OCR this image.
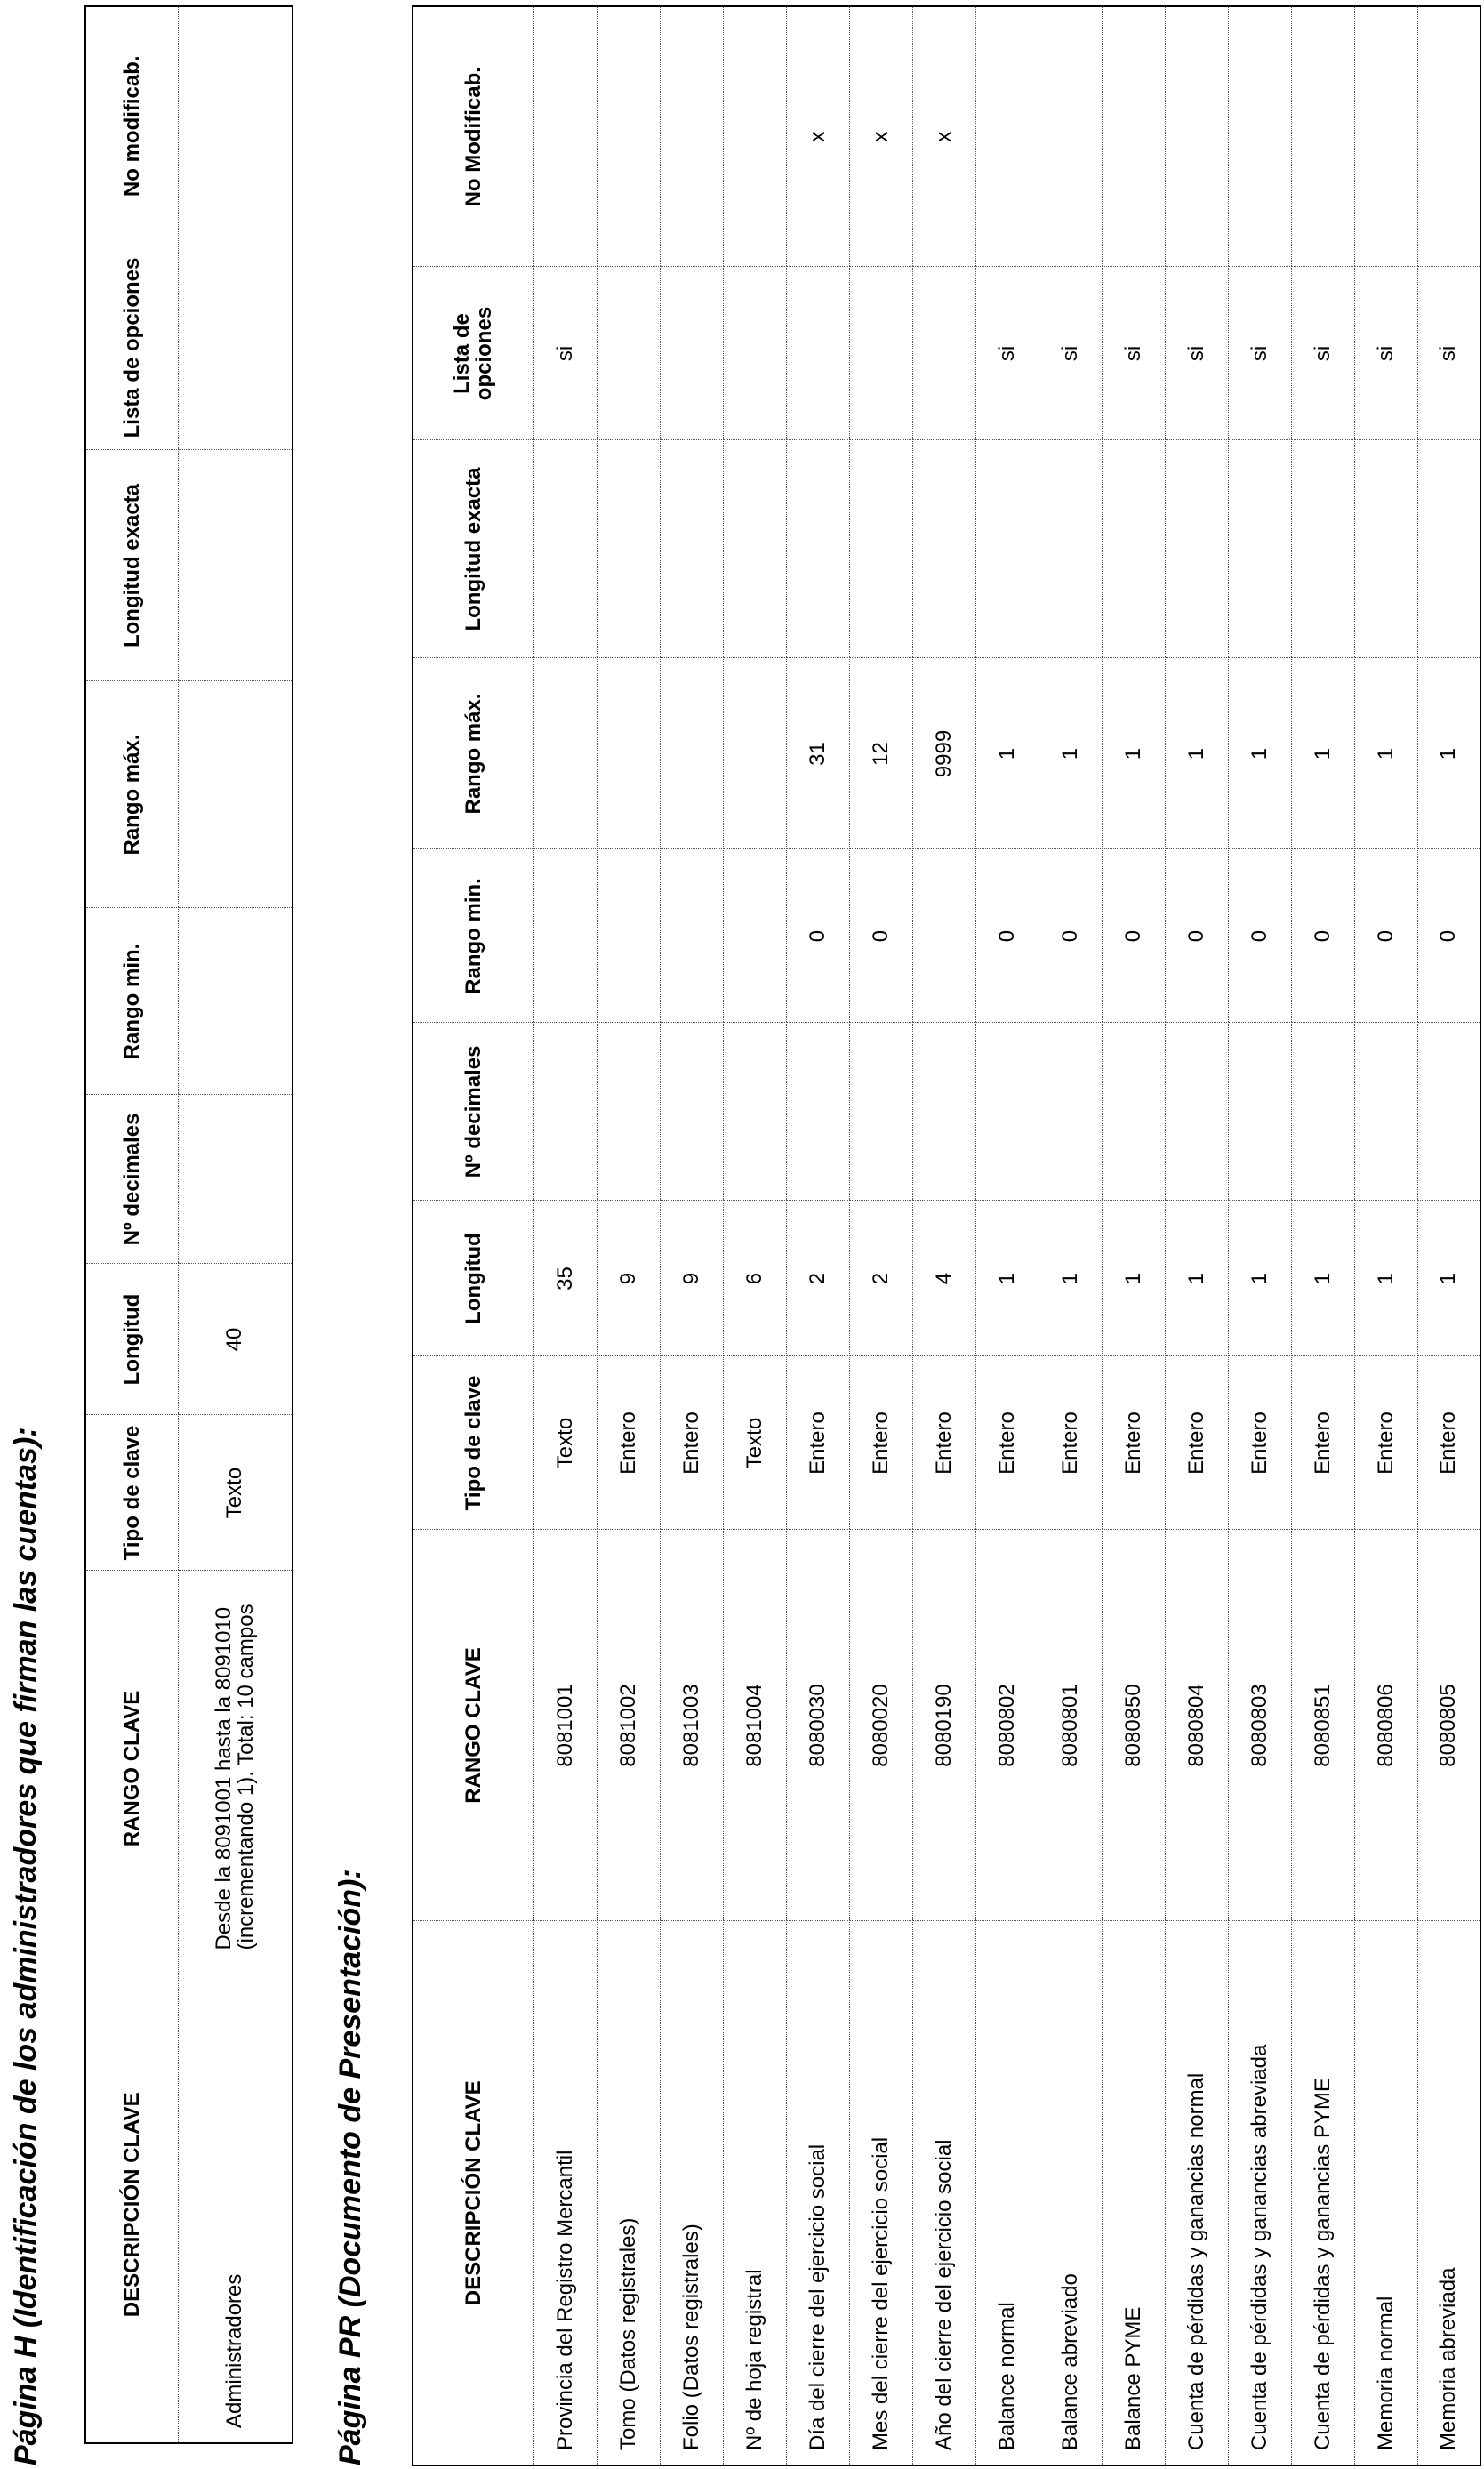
Página H (Identificación de los administradores que firman las cuentas):	DESCRIPCIÓN CLAVE	RANGO CLAVE	Tipo de clave	Longitud	Nº decimales	Rango min.	Rango máx.	Longitud exacta	Lista de opciones	No modificab.
Administradores	Desde la 8091001 hasta la 8091010 (incrementando 1). Total: 10 campos	Texto	40						
Página PR (Documento de Presentación):	DESCRIPCIÓN CLAVE	RANGO CLAVE	Tipo de clave	Longitud	Nº decimales	Rango min.	Rango máx.	Longitud exacta	Lista de opciones	No Modificab.
Provincia del Registro Mercantil	8081001	Texto	35					si	
Tomo (Datos registrales)	8081002	Entero	9						
Folio (Datos registrales)	8081003	Entero	9						
Nº de hoja registral	8081004	Texto	6						
Día del cierre del ejercicio social	8080030	Entero	2		0	31			x
Mes del cierre del ejercicio social	8080020	Entero	2		0	12			x
Año del cierre del ejercicio social	8080190	Entero	4			9999			x
Balance normal	8080802	Entero	1		0	1		si	
Balance abreviado	8080801	Entero	1		0	1		si	
Balance PYME	8080850	Entero	1		0	1		si	
Cuenta de pérdidas y ganancias normal	8080804	Entero	1		0	1		si	
Cuenta de pérdidas y ganancias abreviada	8080803	Entero	1		0	1		si	
Cuenta de pérdidas y ganancias PYME	8080851	Entero	1		0	1		si	
Memoria normal	8080806	Entero	1		0	1		si	
Memoria abreviada	8080805	Entero	1		0	1		si	
